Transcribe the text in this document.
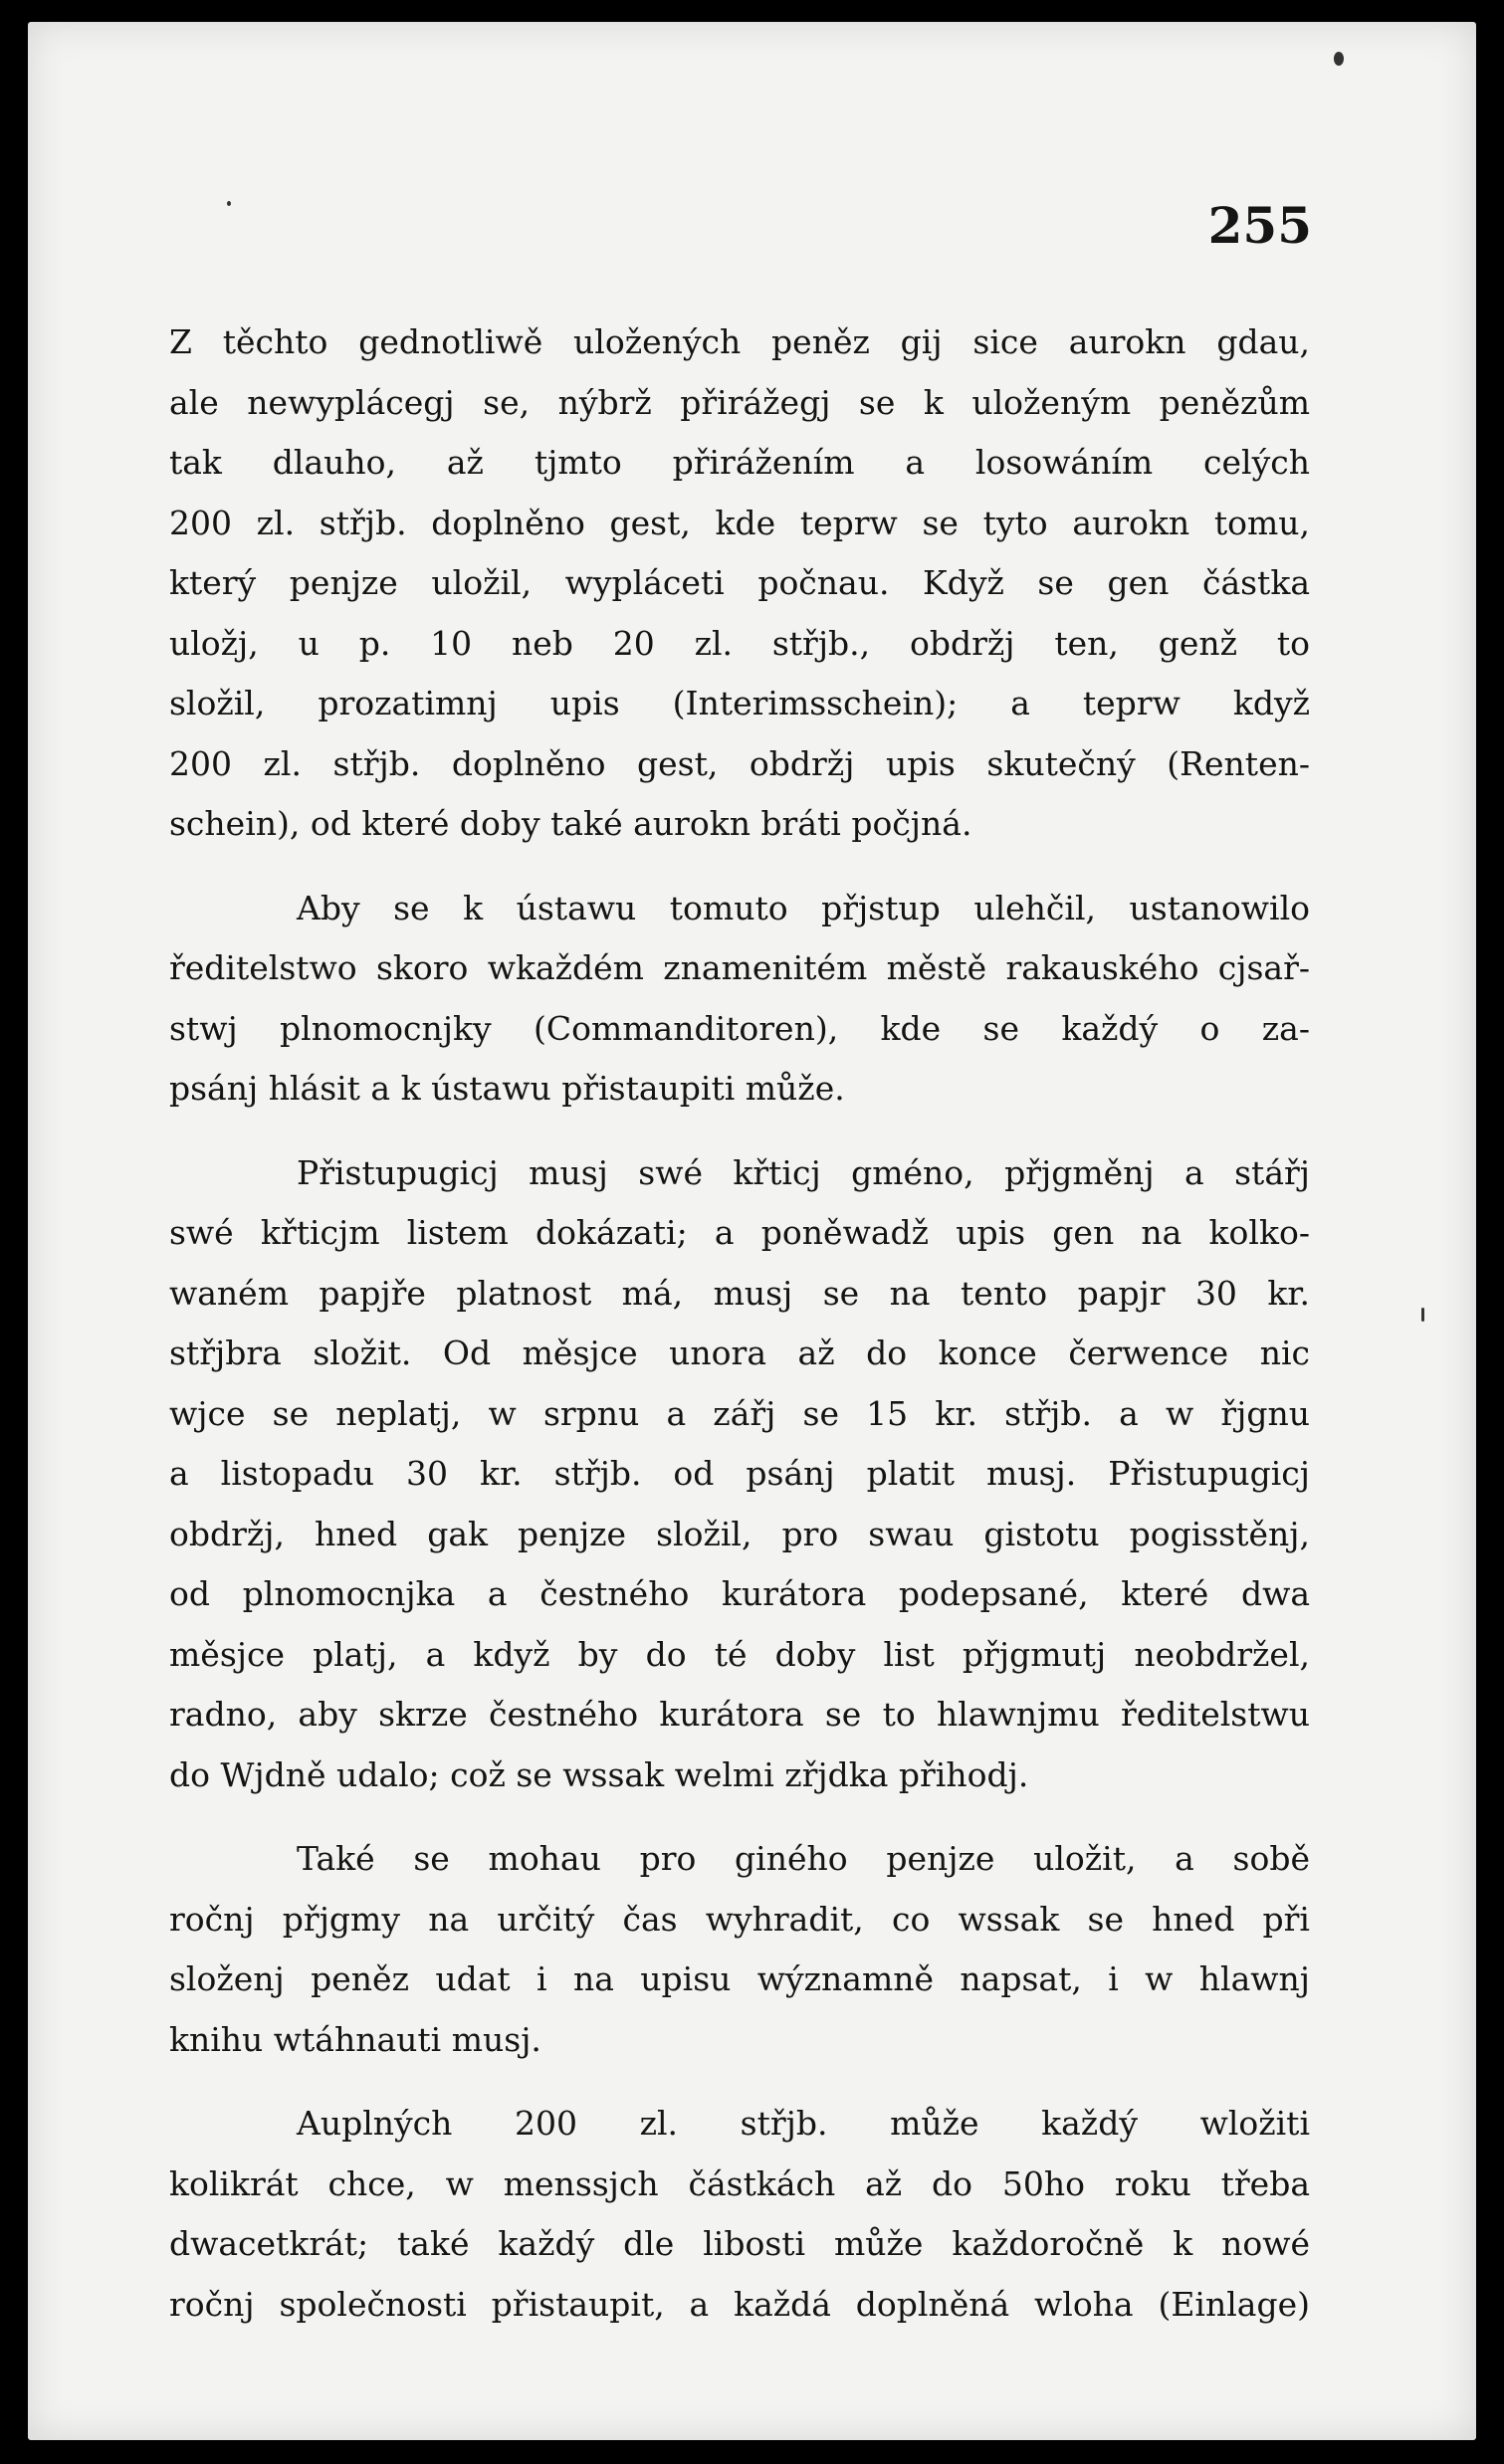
255
Z těchto gednotliwě uložených peněz gij sice aurokn gdau,
ale newyplácegj se, nýbrž přirážegj se k uloženým penězům
tak dlauho, až tjmto přirážením a losowáním celých
200 zl. střjb. doplněno gest, kde teprw se tyto aurokn tomu,
který penjze uložil, wypláceti počnau. Když se gen částka
uložj, u p. 10 neb 20 zl. střjb., obdržj ten, genž to
složil, prozatimnj upis (Interimsschein); a teprw když
200 zl. střjb. doplněno gest, obdržj upis skutečný (Renten-
schein), od které doby také aurokn bráti počjná.
Aby se k ústawu tomuto přjstup ulehčil, ustanowilo
ředitelstwo skoro wkaždém znamenitém městě rakauského cjsař-
stwj plnomocnjky (Commanditoren), kde se každý o za-
psánj hlásit a k ústawu přistaupiti může.
Přistupugicj musj swé křticj gméno, přjgměnj a stářj
swé křticjm listem dokázati; a poněwadž upis gen na kolko-
waném papjře platnost má, musj se na tento papjr 30 kr.
střjbra složit. Od měsjce unora až do konce čerwence nic
wjce se neplatj, w srpnu a zářj se 15 kr. střjb. a w řjgnu
a listopadu 30 kr. střjb. od psánj platit musj. Přistupugicj
obdržj, hned gak penjze složil, pro swau gistotu pogisstěnj,
od plnomocnjka a čestného kurátora podepsané, které dwa
měsjce platj, a když by do té doby list přjgmutj neobdržel,
radno, aby skrze čestného kurátora se to hlawnjmu ředitelstwu
do Wjdně udalo; což se wssak welmi zřjdka přihodj.
Také se mohau pro giného penjze uložit, a sobě
ročnj přjgmy na určitý čas wyhradit, co wssak se hned při
složenj peněz udat i na upisu wýznamně napsat, i w hlawnj
knihu wtáhnauti musj.
Auplných 200 zl. střjb. může každý wložiti
kolikrát chce, w menssjch částkách až do 50ho roku třeba
dwacetkrát; také každý dle libosti může každoročně k nowé
ročnj společnosti přistaupit, a každá doplněná wloha (Einlage)
